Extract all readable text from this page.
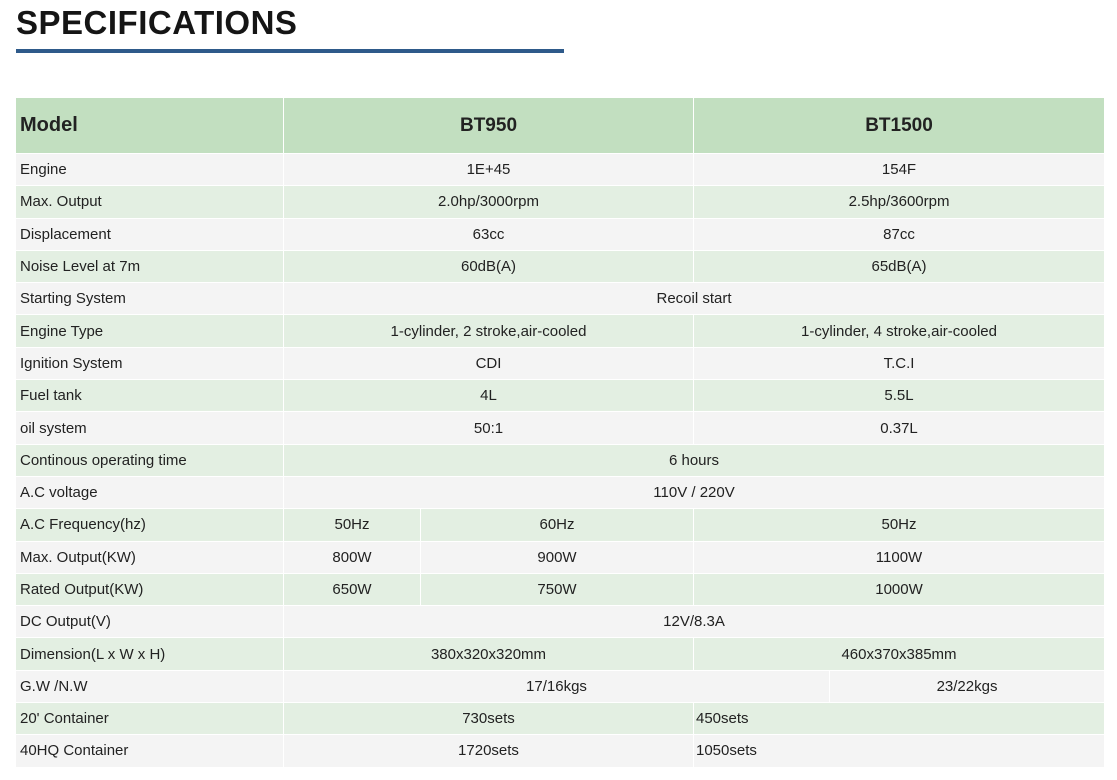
SPECIFICATIONS
Model	BT950		BT1500		
Engine	1E+45		154F		
Max. Output	2.0hp/3000rpm		2.5hp/3600rpm		
Displacement	63cc		87cc		
Noise Level at 7m	60dB(A)		65dB(A)		
Starting System	Recoil start				
Engine Type	1-cylinder, 2 stroke,air-cooled		1-cylinder, 4 stroke,air-cooled		
Ignition System	CDI		T.C.I		
Fuel tank	4L		5.5L		
oil system	50:1		0.37L		
Continous operating time	6 hours				
A.C voltage	110V / 220V				
A.C Frequency(hz)	50Hz	60Hz	50Hz	
Max. Output(KW)	800W	900W	1100W	
Rated Output(KW)	650W	750W	1000W	
DC Output(V)	12V/8.3A				
Dimension(L x W x H)	380x320x320mm		460x370x385mm		
G.W /N.W	17/16kgs			23/22kgs	
20' Container	730sets		450sets		
40HQ Container	1720sets		1050sets		
